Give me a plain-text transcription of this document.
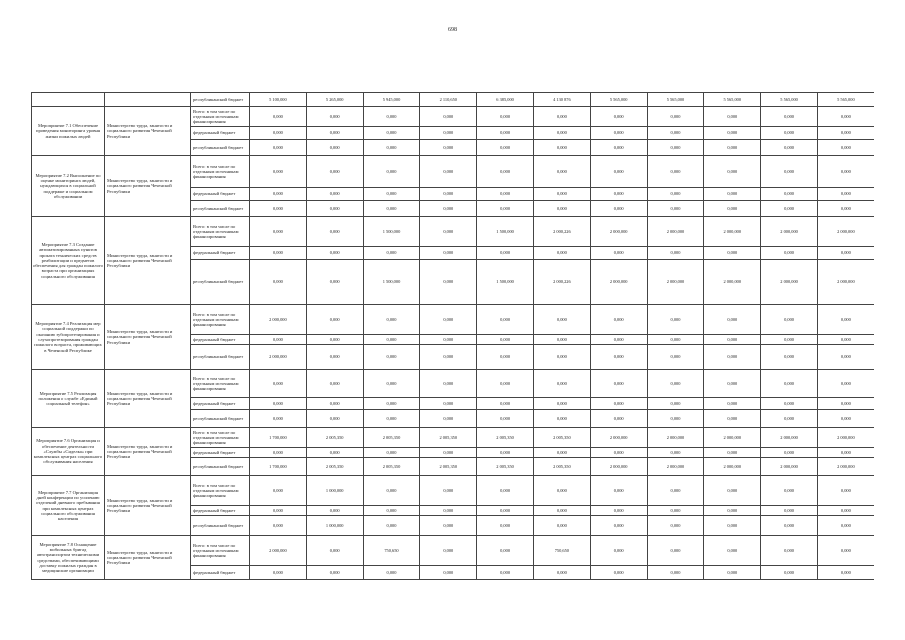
698
		республиканский бюджет	5 100,000	5 265,000	5 945,000	2 110,650	6 385,000	4 130 876	5 565,000	5 565,000	5 565,000	5 565,000	5 565,000
Мероприятие 7.1 Обеспечение проведения мониторинга уровня жизни пожилых людей	Министерство труда, занятости и социального развития Чеченской Республики	Всего: в том числе по отдельным источникам финансирования	0,000	0,000	0,000	0,000	0,000	0,000	0,000	0,000	0,000	0,000	0,000
		федеральный бюджет	0,000	0,000	0,000	0,000	0,000	0,000	0,000	0,000	0,000	0,000	0,000
		республиканский бюджет	0,000	0,000	0,000	0,000	0,000	0,000	0,000	0,000	0,000	0,000	0,000
Мероприятие 7.2 Выполнение по оценке мониторинга людей, нуждающихся в социальной поддержке и социальном обслуживании	Министерство труда, занятости и социального развития Чеченской Республики	Всего: в том числе по отдельным источникам финансирования	0,000	0,000	0,000	0,000	0,000	0,000	0,000	0,000	0,000	0,000	0,000
		федеральный бюджет	0,000	0,000	0,000	0,000	0,000	0,000	0,000	0,000	0,000	0,000	0,000
		республиканский бюджет	0,000	0,000	0,000	0,000	0,000	0,000	0,000	0,000	0,000	0,000	0,000
Мероприятие 7.3 Создание автоматизированных пунктов проката технических средств реабилитации и предметов обеспечения для граждан пожилого возраста при организациях социального обслуживания	Министерство труда, занятости и социального развития Чеченской Республики	Всего: в том числе по отдельным источникам финансирования	0,000	0,000	1 500,000	0,000	1 500,000	2 000,226	2 000,000	2 000,000	2 000,000	2 000,000	2 000,000
		федеральный бюджет	0,000	0,000	0,000	0,000	0,000	0,000	0,000	0,000	0,000	0,000	0,000
		республиканский бюджет	0,000	0,000	1 500,000	0,000	1 500,000	2 000,226	2 000,000	2 000,000	2 000,000	2 000,000	2 000,000
Мероприятие 7.4 Реализация мер социальной поддержки по оказанию зубопротезирования и слухопротезирования граждан пожилого возраста, проживающих в Чеченской Республике	Министерство труда, занятости и социального развития Чеченской Республики	Всего: в том числе по отдельным источникам финансирования	2 000,000	0,000	0,000	0,000	0,000	0,000	0,000	0,000	0,000	0,000	0,000
		федеральный бюджет	0,000	0,000	0,000	0,000	0,000	0,000	0,000	0,000	0,000	0,000	0,000
		республиканский бюджет	2 000,000	0,000	0,000	0,000	0,000	0,000	0,000	0,000	0,000	0,000	0,000
Мероприятие 7.5 Реализация положения о службе «Единый социальный телефон»	Министерство труда, занятости и социального развития Чеченской Республики	Всего: в том числе по отдельным источникам финансирования	0,000	0,000	0,000	0,000	0,000	0,000	0,000	0,000	0,000	0,000	0,000
		федеральный бюджет	0,000	0,000	0,000	0,000	0,000	0,000	0,000	0,000	0,000	0,000	0,000
		республиканский бюджет	0,000	0,000	0,000	0,000	0,000	0,000	0,000	0,000	0,000	0,000	0,000
Мероприятие 7.6 Организация и обеспечение деятельности «Службы «Сиделка» при комплексных центрах социального обслуживания населения	Министерство труда, занятости и социального развития Чеченской Республики	Всего: в том числе по отдельным источникам финансирования	1 700,000	2 005,350	2 005,350	2 005,350	2 005,350	2 005,350	2 000,000	2 000,000	2 000,000	2 000,000	2 000,000
		федеральный бюджет	0,000	0,000	0,000	0,000	0,000	0,000	0,000	0,000	0,000	0,000	0,000
		республиканский бюджет	1 700,000	2 005,350	2 005,350	2 005,350	2 005,350	2 005,350	2 000,000	2 000,000	2 000,000	2 000,000	2 000,000
Мероприятие 7.7 Организация дней конференции по усилению отделений дневного пребывания при комплексных центрах социального обслуживания населения	Министерство труда, занятости и социального развития Чеченской Республики	Всего: в том числе по отдельным источникам финансирования	0,000	1 000,000	0,000	0,000	0,000	0,000	0,000	0,000	0,000	0,000	0,000
		федеральный бюджет	0,000	0,000	0,000	0,000	0,000	0,000	0,000	0,000	0,000	0,000	0,000
		республиканский бюджет	0,000	1 000,000	0,000	0,000	0,000	0,000	0,000	0,000	0,000	0,000	0,000
Мероприятие 7.8 Оснащение мобильных бригад автотранспортом техническими средствами, обеспечивающими доставку пожилых граждан в медицинские организации	Министерство труда, занятости и социального развития Чеченской Республики	Всего: в том числе по отдельным источникам финансирования	2 000,000	0,000	750,650	0,000	0,000	750,650	0,000	0,000	0,000	0,000	0,000
		федеральный бюджет	0,000	0,000	0,000	0,000	0,000	0,000	0,000	0,000	0,000	0,000	0,000
